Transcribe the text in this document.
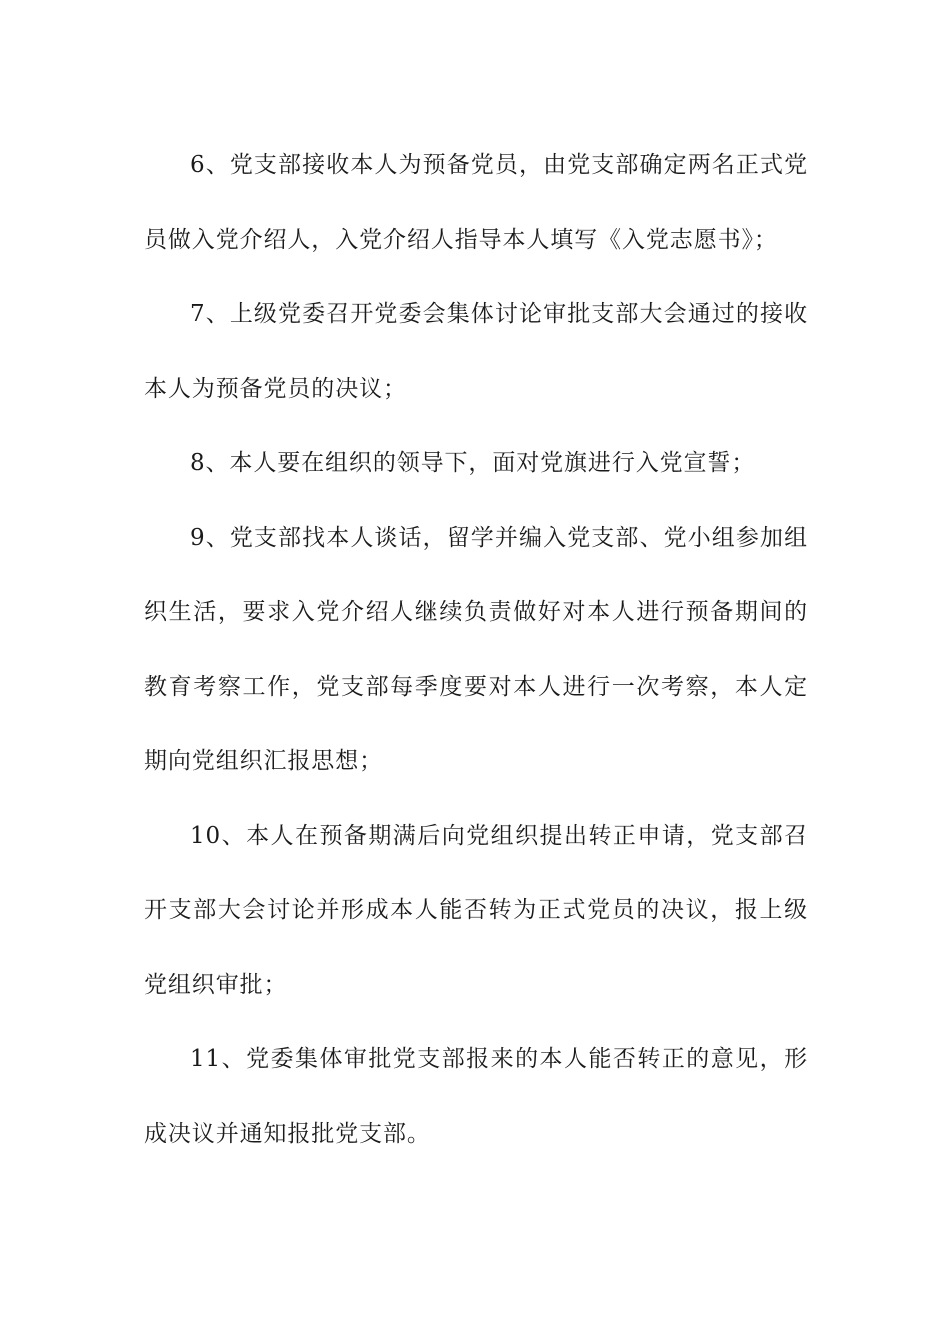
6、党支部接收本人为预备党员，由党支部确定两名正式党员做入党介绍人，入党介绍人指导本人填写《入党志愿书》；

7、上级党委召开党委会集体讨论审批支部大会通过的接收本人为预备党员的决议；

8、本人要在组织的领导下，面对党旗进行入党宣誓；

9、党支部找本人谈话，留学并编入党支部、党小组参加组织生活，要求入党介绍人继续负责做好对本人进行预备期间的教育考察工作，党支部每季度要对本人进行一次考察，本人定期向党组织汇报思想；

10、本人在预备期满后向党组织提出转正申请，党支部召开支部大会讨论并形成本人能否转为正式党员的决议，报上级党组织审批；

11、党委集体审批党支部报来的本人能否转正的意见，形成决议并通知报批党支部。
